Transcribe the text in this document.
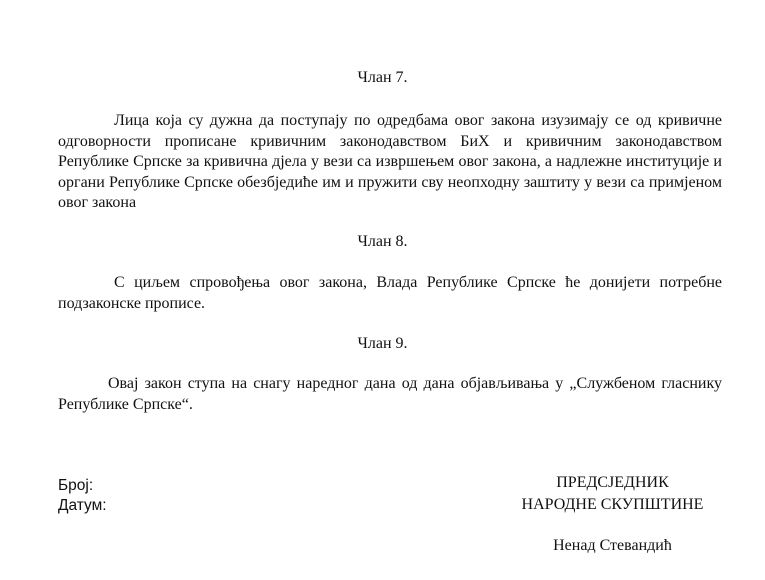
Члан 7.
Лица која су дужна да поступају по одредбама овог закона изузимају се од кривичне одговорности прописане кривичним законодавством БиХ и кривичним законодавством Републике Српске за кривична дјела у вези са извршењем овог закона, а надлежне институције и органи Републике Српске обезбједиће им и пружити сву неопходну заштиту у вези са примјеном овог закона
Члан 8.
С циљем спровођења овог закона, Влада Републике Српске ће донијети потребне подзаконске прописе.
Члан 9.
Овај закон ступа на снагу наредног дана од дана објављивања у „Службеном гласнику Републике Српске“.
Број:
Датум:
ПРЕДСЈЕДНИК
НАРОДНЕ СКУПШТИНЕ
Ненад Стевандић
